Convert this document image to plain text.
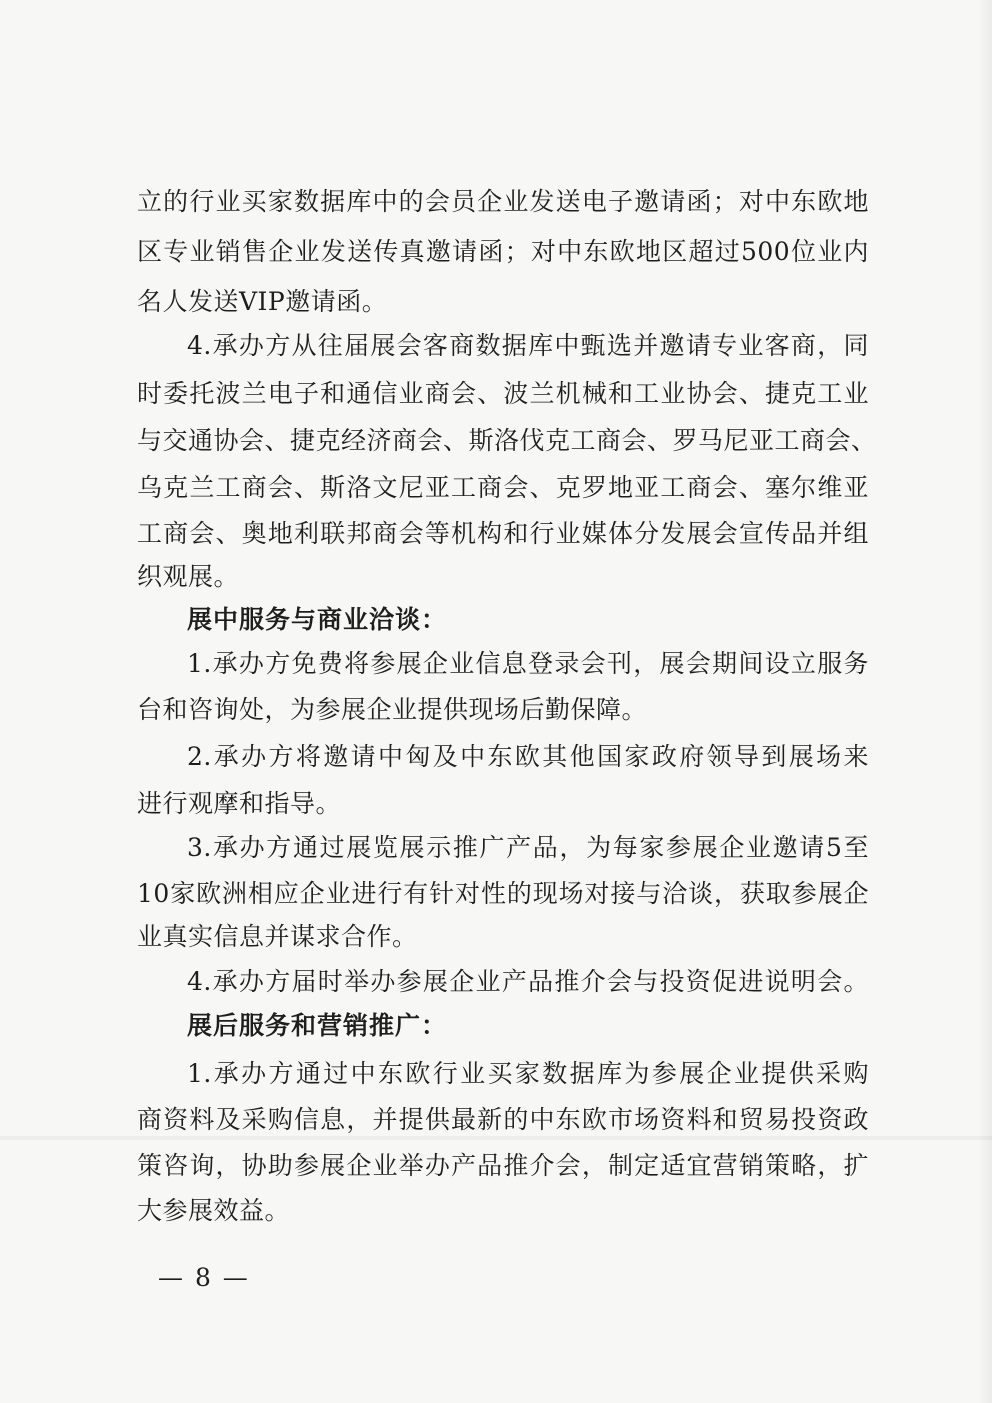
立的行业买家数据库中的会员企业发送电子邀请函；对中东欧地
区专业销售企业发送传真邀请函；对中东欧地区超过500位业内
名人发送VIP邀请函。
4.承办方从往届展会客商数据库中甄选并邀请专业客商，同
时委托波兰电子和通信业商会、波兰机械和工业协会、捷克工业
与交通协会、捷克经济商会、斯洛伐克工商会、罗马尼亚工商会、
乌克兰工商会、斯洛文尼亚工商会、克罗地亚工商会、塞尔维亚
工商会、奥地利联邦商会等机构和行业媒体分发展会宣传品并组
织观展。
展中服务与商业洽谈：
1.承办方免费将参展企业信息登录会刊，展会期间设立服务
台和咨询处，为参展企业提供现场后勤保障。
2.承办方将邀请中匈及中东欧其他国家政府领导到展场来
进行观摩和指导。
3.承办方通过展览展示推广产品，为每家参展企业邀请5至
10家欧洲相应企业进行有针对性的现场对接与洽谈，获取参展企
业真实信息并谋求合作。
4.承办方届时举办参展企业产品推介会与投资促进说明会。
展后服务和营销推广：
1.承办方通过中东欧行业买家数据库为参展企业提供采购
商资料及采购信息，并提供最新的中东欧市场资料和贸易投资政
策咨询，协助参展企业举办产品推介会，制定适宜营销策略，扩
大参展效益。
— 8 —
